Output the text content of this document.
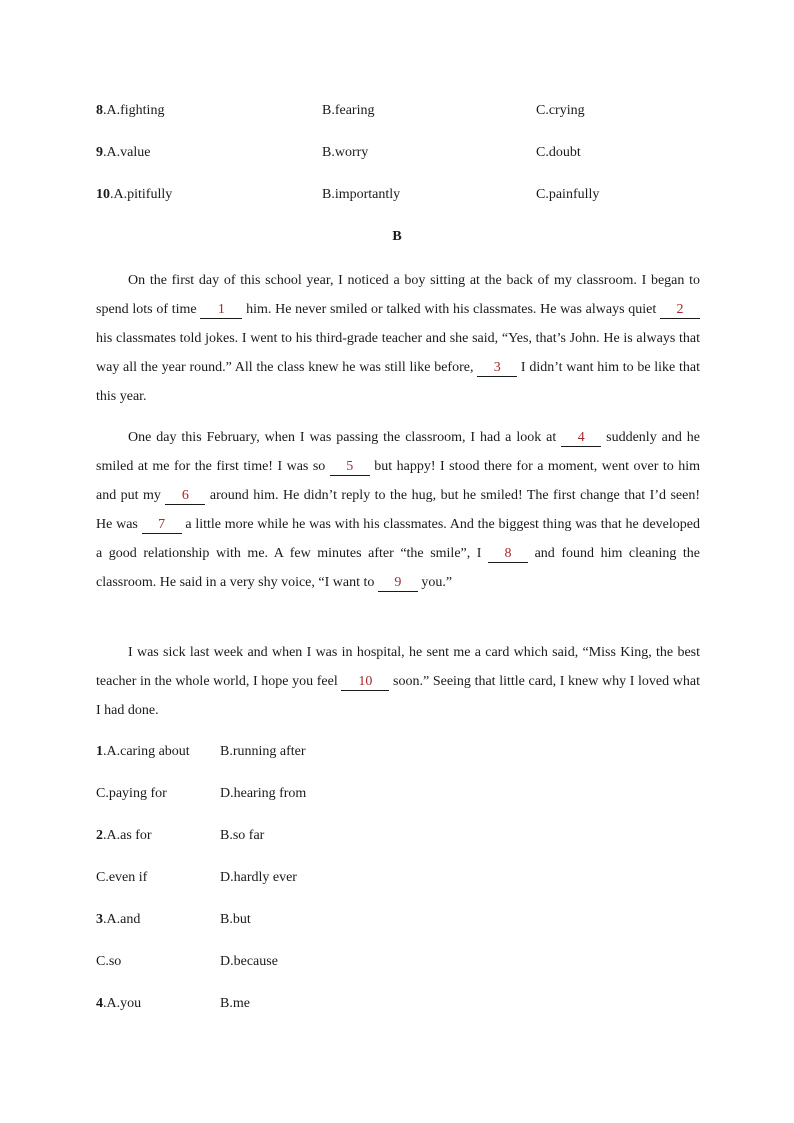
8.A.fighting	B.fearing	C.crying
9.A.value	B.worry	C.doubt
10.A.pitifully	B.importantly	C.painfully
B
On the first day of this school year, I noticed a boy sitting at the back of my classroom. I began to spend lots of time 1 him. He never smiled or talked with his classmates. He was always quiet 2 his classmates told jokes. I went to his third-grade teacher and she said, “Yes, that’s John. He is always that way all the year round.” All the class knew he was still like before, 3 I didn’t want him to be like that this year.
One day this February, when I was passing the classroom, I had a look at 4 suddenly and he smiled at me for the first time! I was so 5 but happy! I stood there for a moment, went over to him and put my 6 around him. He didn’t reply to the hug, but he smiled! The first change that I’d seen! He was 7 a little more while he was with his classmates. And the biggest thing was that he developed a good relationship with me. A few minutes after “the smile”, I 8 and found him cleaning the classroom. He said in a very shy voice, “I want to 9 you.”
I was sick last week and when I was in hospital, he sent me a card which said, “Miss King, the best teacher in the whole world, I hope you feel 10 soon.” Seeing that little card, I knew why I loved what I had done.
1.A.caring about B.running after
C.paying for	D.hearing from
2.A.as for	B.so far
C.even if	D.hardly ever
3.A.and	B.but
C.so	D.because
4.A.you	B.me
